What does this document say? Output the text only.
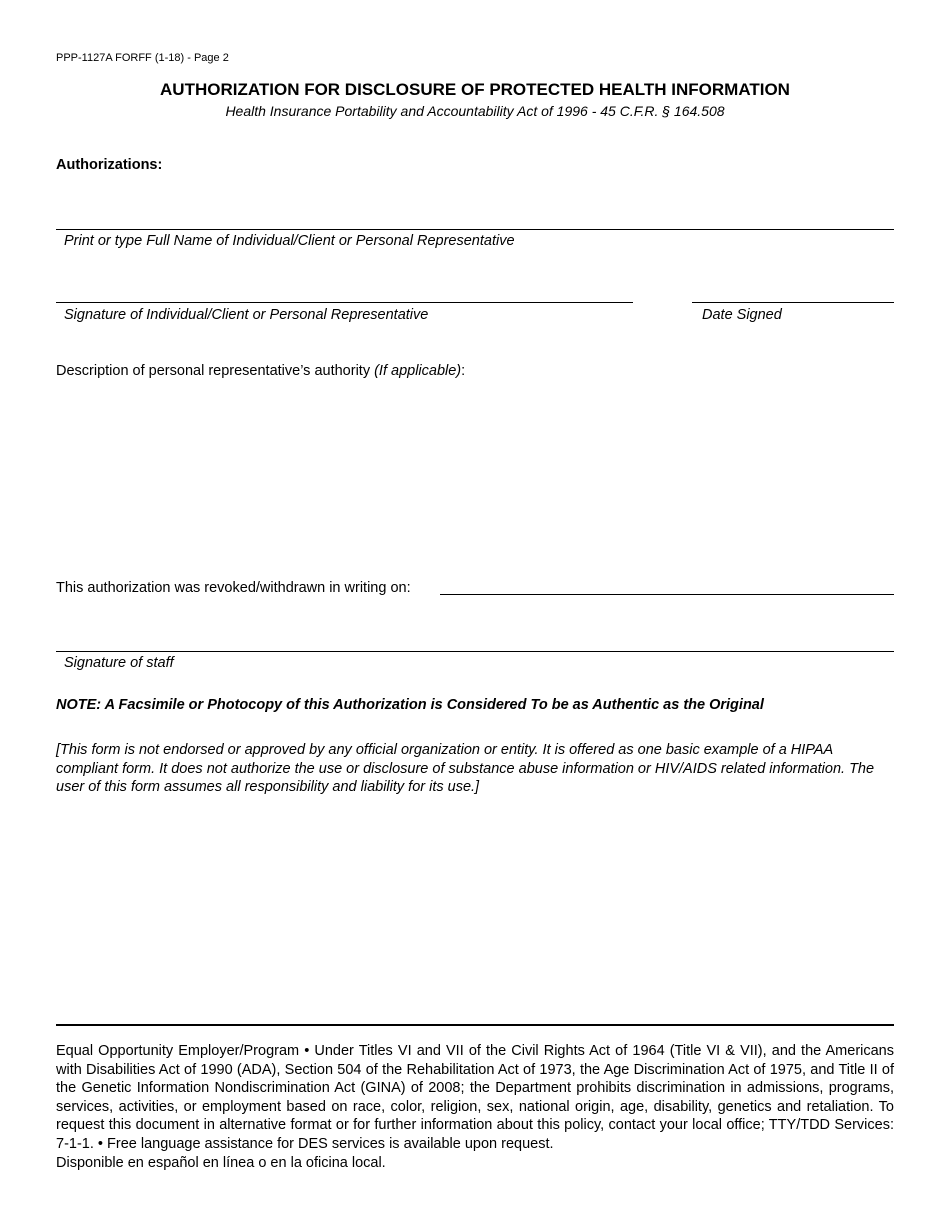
PPP-1127A FORFF (1-18) - Page 2
AUTHORIZATION FOR DISCLOSURE OF PROTECTED HEALTH INFORMATION
Health Insurance Portability and Accountability Act of 1996 - 45 C.F.R. § 164.508
Authorizations:
Print or type Full Name of Individual/Client or Personal Representative
Signature of Individual/Client or Personal Representative	Date Signed
Description of personal representative’s authority (If applicable):
This authorization was revoked/withdrawn in writing on:
Signature of staff
NOTE: A Facsimile or Photocopy of this Authorization is Considered To be as Authentic as the Original
[This form is not endorsed or approved by any official organization or entity. It is offered as one basic example of a HIPAA compliant form. It does not authorize the use or disclosure of substance abuse information or HIV/AIDS related information. The user of this form assumes all responsibility and liability for its use.]
Equal Opportunity Employer/Program • Under Titles VI and VII of the Civil Rights Act of 1964 (Title VI & VII), and the Americans with Disabilities Act of 1990 (ADA), Section 504 of the Rehabilitation Act of 1973, the Age Discrimination Act of 1975, and Title II of the Genetic Information Nondiscrimination Act (GINA) of 2008; the Department prohibits discrimination in admissions, programs, services, activities, or employment based on race, color, religion, sex, national origin, age, disability, genetics and retaliation. To request this document in alternative format or for further information about this policy, contact your local office; TTY/TDD Services: 7-1-1. • Free language assistance for DES services is available upon request.
Disponible en español en línea o en la oficina local.
